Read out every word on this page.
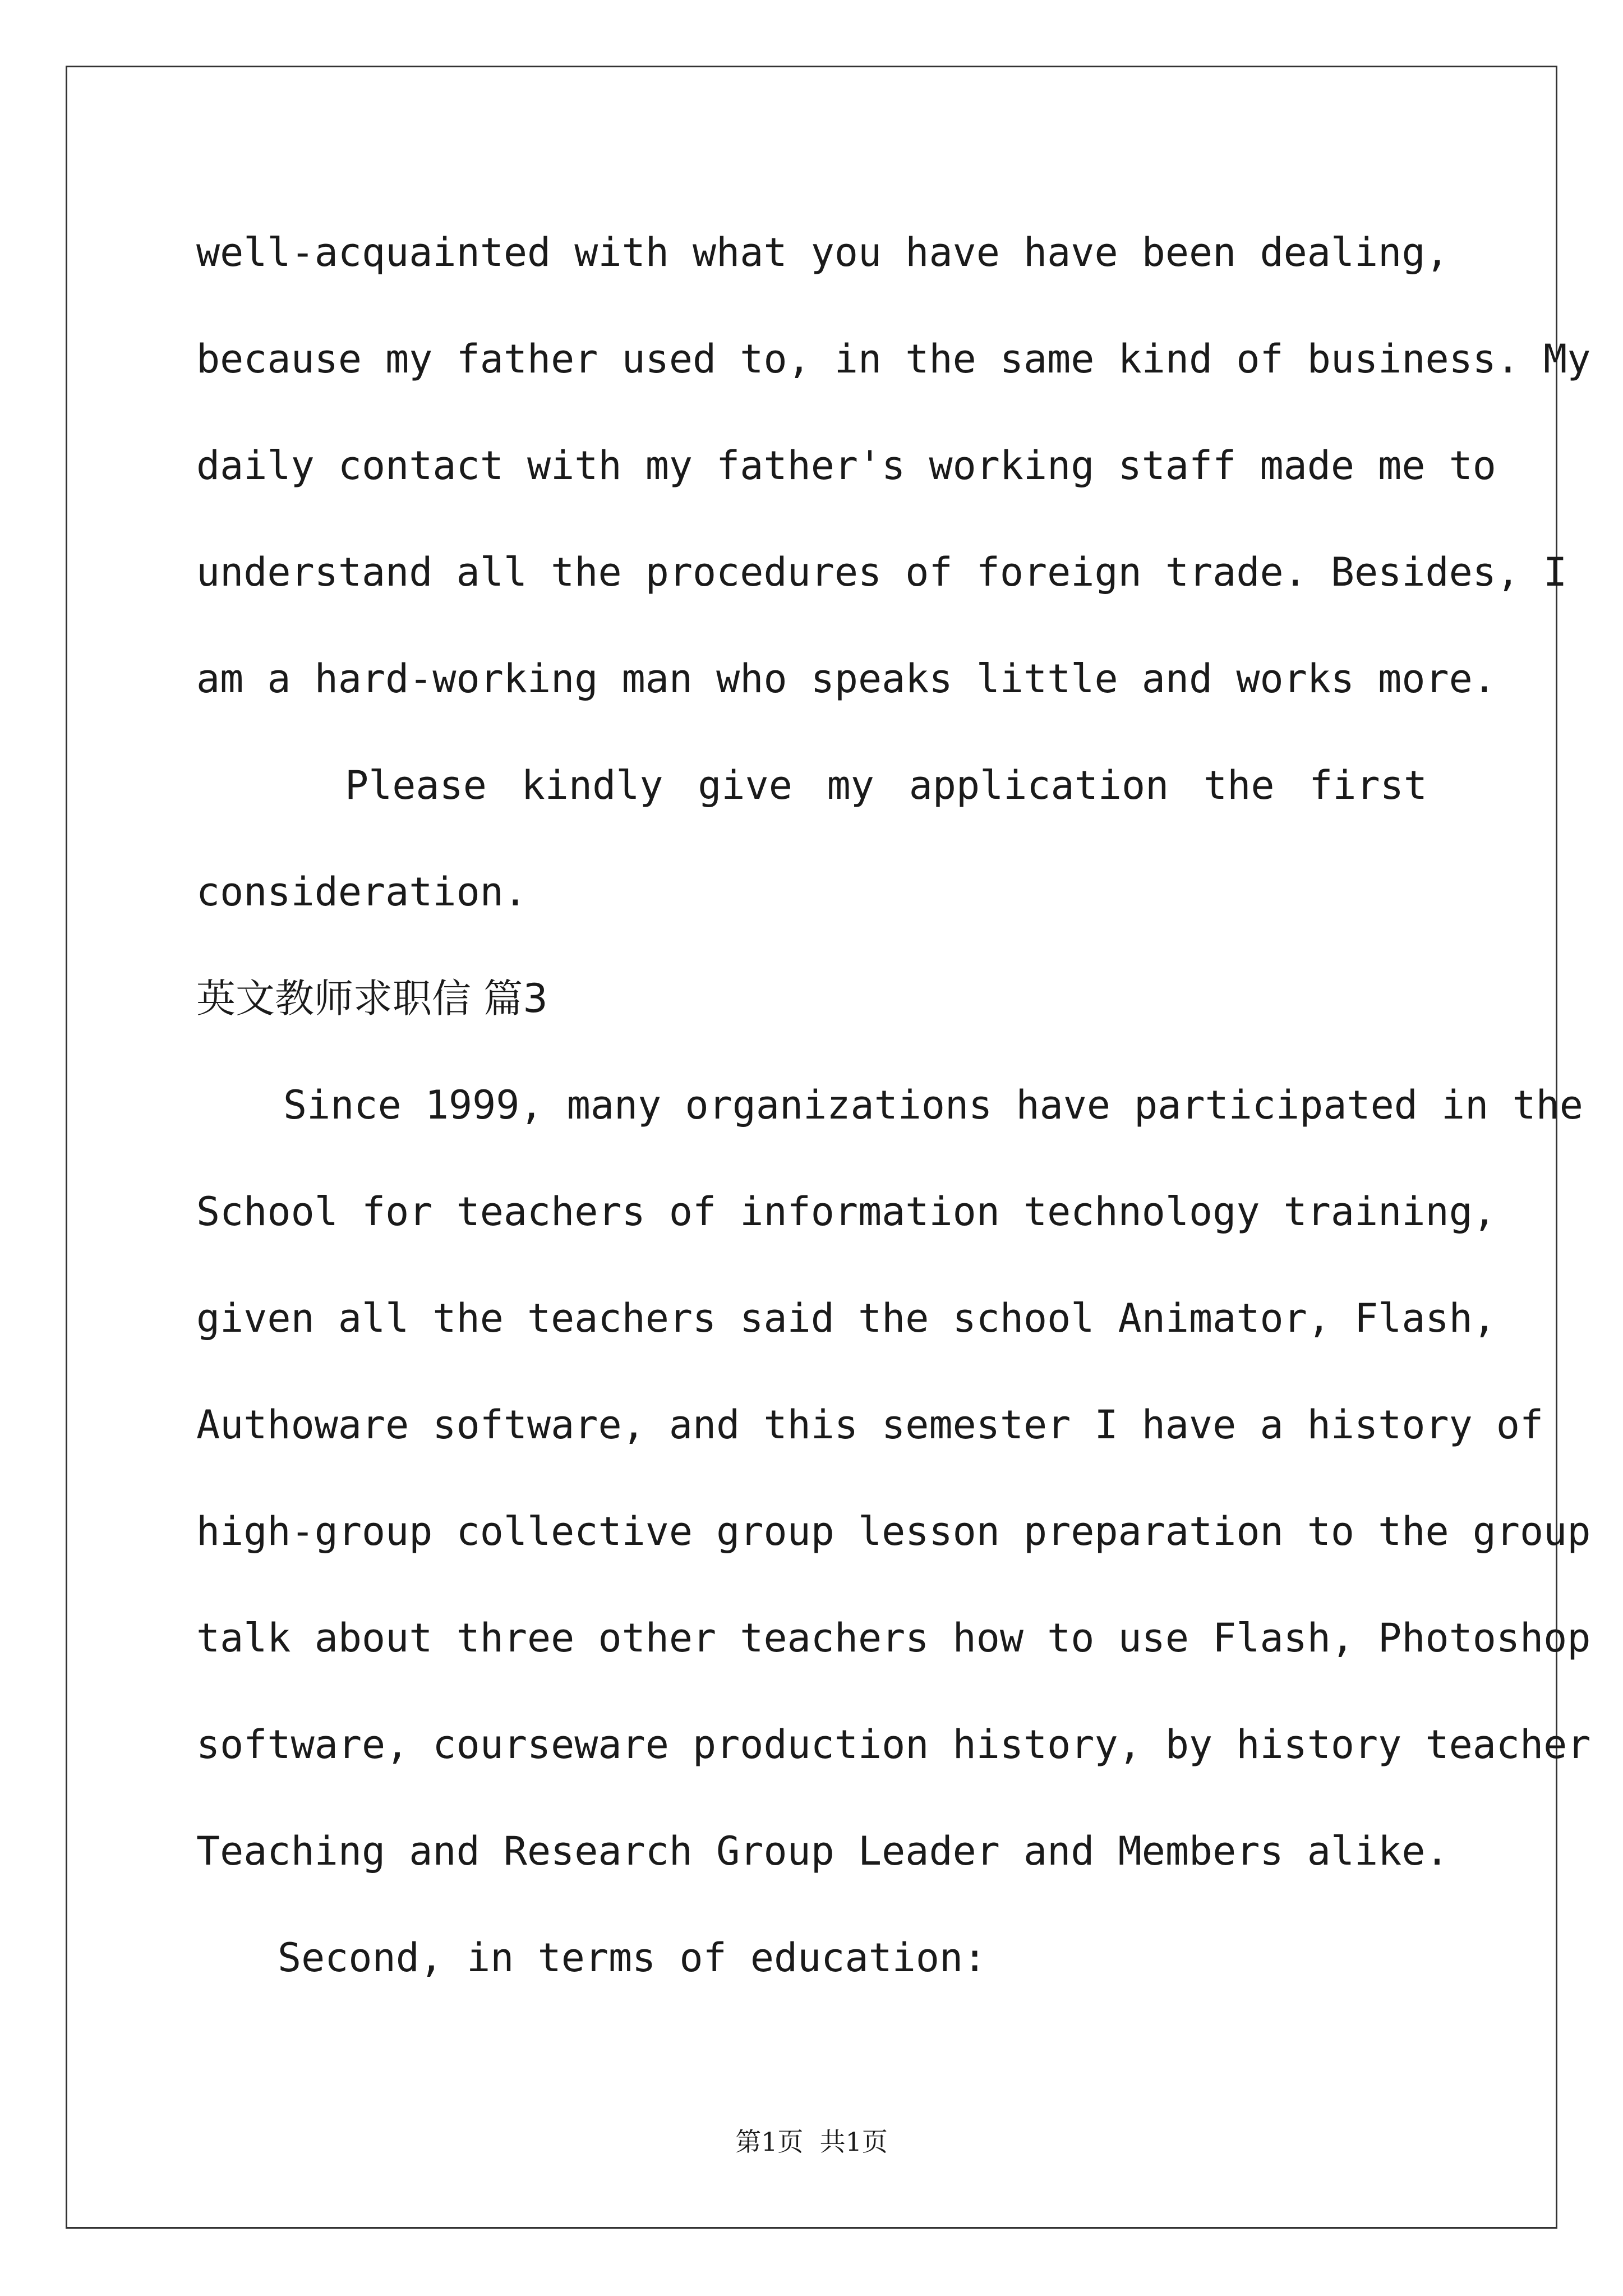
well-acquainted with what you have have been dealing,
because my father used to, in the same kind of business. My
daily contact with my father's working staff made me to
understand all the procedures of foreign trade. Besides, I
am a hard-working man who speaks little and works more.
Please kindly give my application the first
consideration.
英文教师求职信 篇3
Since 1999, many organizations have participated in the
School for teachers of information technology training,
given all the teachers said the school Animator, Flash,
Authoware software, and this semester I have a history of
high-group collective group lesson preparation to the group
talk about three other teachers how to use Flash, Photoshop
software, courseware production history, by history teacher
Teaching and Research Group Leader and Members alike.
Second, in terms of education:
第1页  共1页
